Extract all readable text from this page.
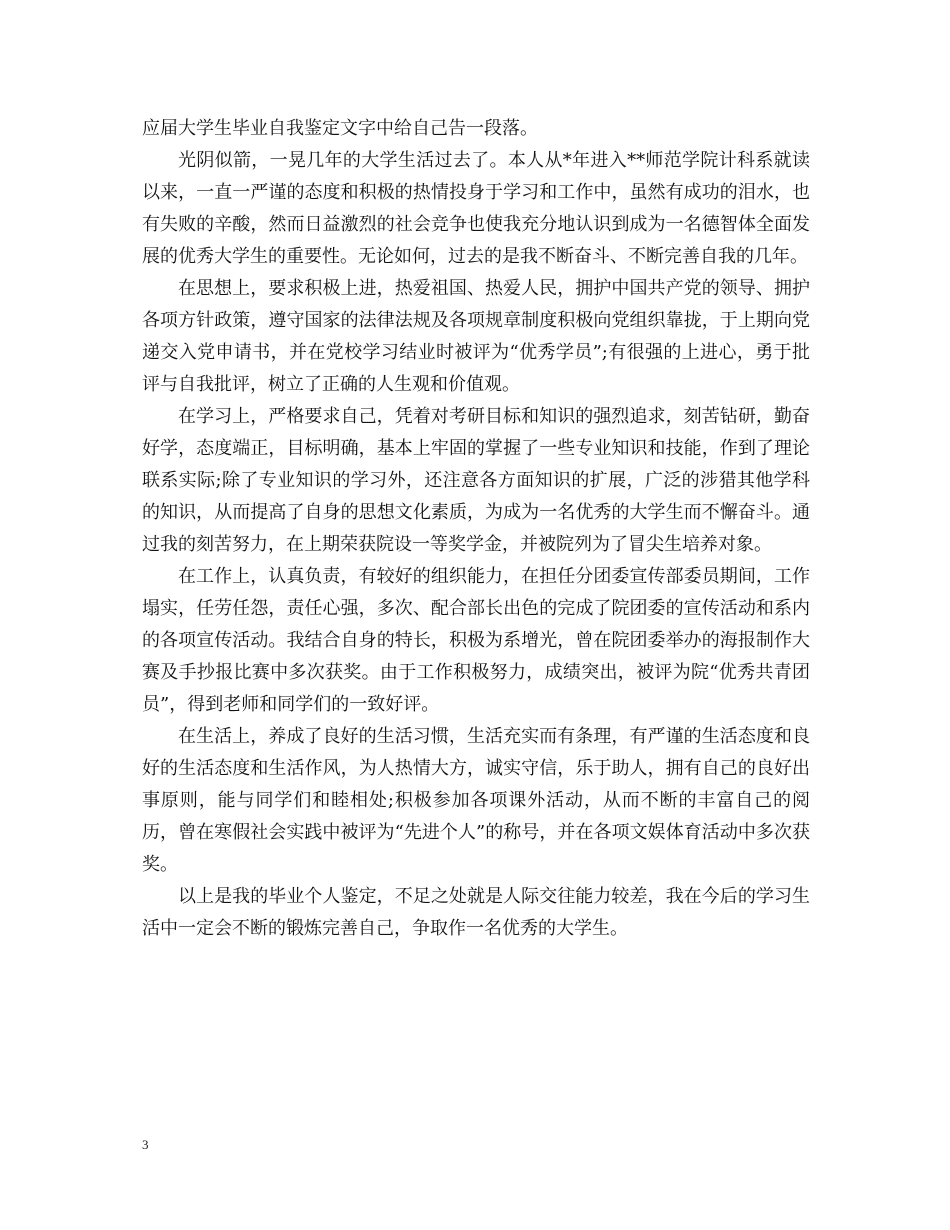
应届大学生毕业自我鉴定文字中给自己告一段落。

光阴似箭，一晃几年的大学生活过去了。本人从*年进入**师范学院计科系就读以来，一直一严谨的态度和积极的热情投身于学习和工作中，虽然有成功的泪水，也有失败的辛酸，然而日益激烈的社会竞争也使我充分地认识到成为一名德智体全面发展的优秀大学生的重要性。无论如何，过去的是我不断奋斗、不断完善自我的几年。

在思想上，要求积极上进，热爱祖国、热爱人民，拥护中国共产党的领导、拥护各项方针政策，遵守国家的法律法规及各项规章制度积极向党组织靠拢，于上期向党递交入党申请书，并在党校学习结业时被评为“优秀学员”;有很强的上进心，勇于批评与自我批评，树立了正确的人生观和价值观。

在学习上，严格要求自己，凭着对考研目标和知识的强烈追求，刻苦钻研，勤奋好学，态度端正，目标明确，基本上牢固的掌握了一些专业知识和技能，作到了理论联系实际;除了专业知识的学习外，还注意各方面知识的扩展，广泛的涉猎其他学科的知识，从而提高了自身的思想文化素质，为成为一名优秀的大学生而不懈奋斗。通过我的刻苦努力，在上期荣获院设一等奖学金，并被院列为了冒尖生培养对象。

在工作上，认真负责，有较好的组织能力，在担任分团委宣传部委员期间，工作塌实，任劳任怨，责任心强，多次、配合部长出色的完成了院团委的宣传活动和系内的各项宣传活动。我结合自身的特长，积极为系增光，曾在院团委举办的海报制作大赛及手抄报比赛中多次获奖。由于工作积极努力，成绩突出，被评为院“优秀共青团员”，得到老师和同学们的一致好评。

在生活上，养成了良好的生活习惯，生活充实而有条理，有严谨的生活态度和良好的生活态度和生活作风，为人热情大方，诚实守信，乐于助人，拥有自己的良好出事原则，能与同学们和睦相处;积极参加各项课外活动，从而不断的丰富自己的阅历，曾在寒假社会实践中被评为“先进个人”的称号，并在各项文娱体育活动中多次获奖。

以上是我的毕业个人鉴定，不足之处就是人际交往能力较差，我在今后的学习生活中一定会不断的锻炼完善自己，争取作一名优秀的大学生。

3
